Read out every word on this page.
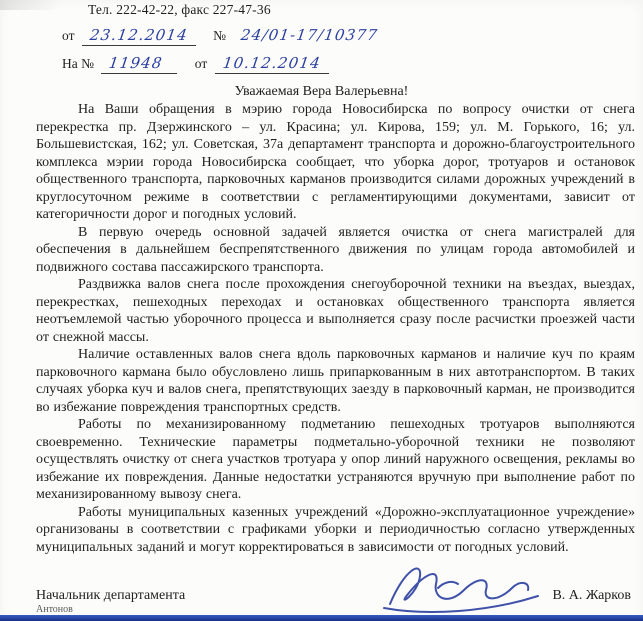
Тел. 222-42-22, факс 227-47-36
от 23.12.2014 № 24/01-17/10377
На № 11948 от 10.12.2014
Уважаемая Вера Валерьевна!

На Ваши обращения в мэрию города Новосибирска по вопросу очистки от снега перекрестка пр. Дзержинского – ул. Красина; ул. Кирова, 159; ул. М. Горького, 16; ул. Большевистская, 162; ул. Советская, 37а департамент транспорта и дорожно-благоустроительного комплекса мэрии города Новосибирска сообщает, что уборка дорог, тротуаров и остановок общественного транспорта, парковочных карманов производится силами дорожных учреждений в круглосуточном режиме в соответствии с регламентирующими документами, зависит от категоричности дорог и погодных условий.

В первую очередь основной задачей является очистка от снега магистралей для обеспечения в дальнейшем беспрепятственного движения по улицам города автомобилей и подвижного состава пассажирского транспорта.

Раздвижка валов снега после прохождения снегоуборочной техники на въездах, выездах, перекрестках, пешеходных переходах и остановках общественного транспорта является неотъемлемой частью уборочного процесса и выполняется сразу после расчистки проезжей части от снежной массы.

Наличие оставленных валов снега вдоль парковочных карманов и наличие куч по краям парковочного кармана было обусловлено лишь припаркованным в них автотранспортом. В таких случаях уборка куч и валов снега, препятствующих заезду в парковочный карман, не производится во избежание повреждения транспортных средств.

Работы по механизированному подметанию пешеходных тротуаров выполняются своевременно. Технические параметры подметально-уборочной техники не позволяют осуществлять очистку от снега участков тротуара у опор линий наружного освещения, рекламы во избежание их повреждения. Данные недостатки устраняются вручную при выполнение работ по механизированному вывозу снега.

Работы муниципальных казенных учреждений «Дорожно-эксплуатационное учреждение» организованы в соответствии с графиками уборки и периодичностью согласно утвержденных муниципальных заданий и могут корректироваться в зависимости от погодных условий.

Начальник департамента	В. А. Жарков
Антонов
